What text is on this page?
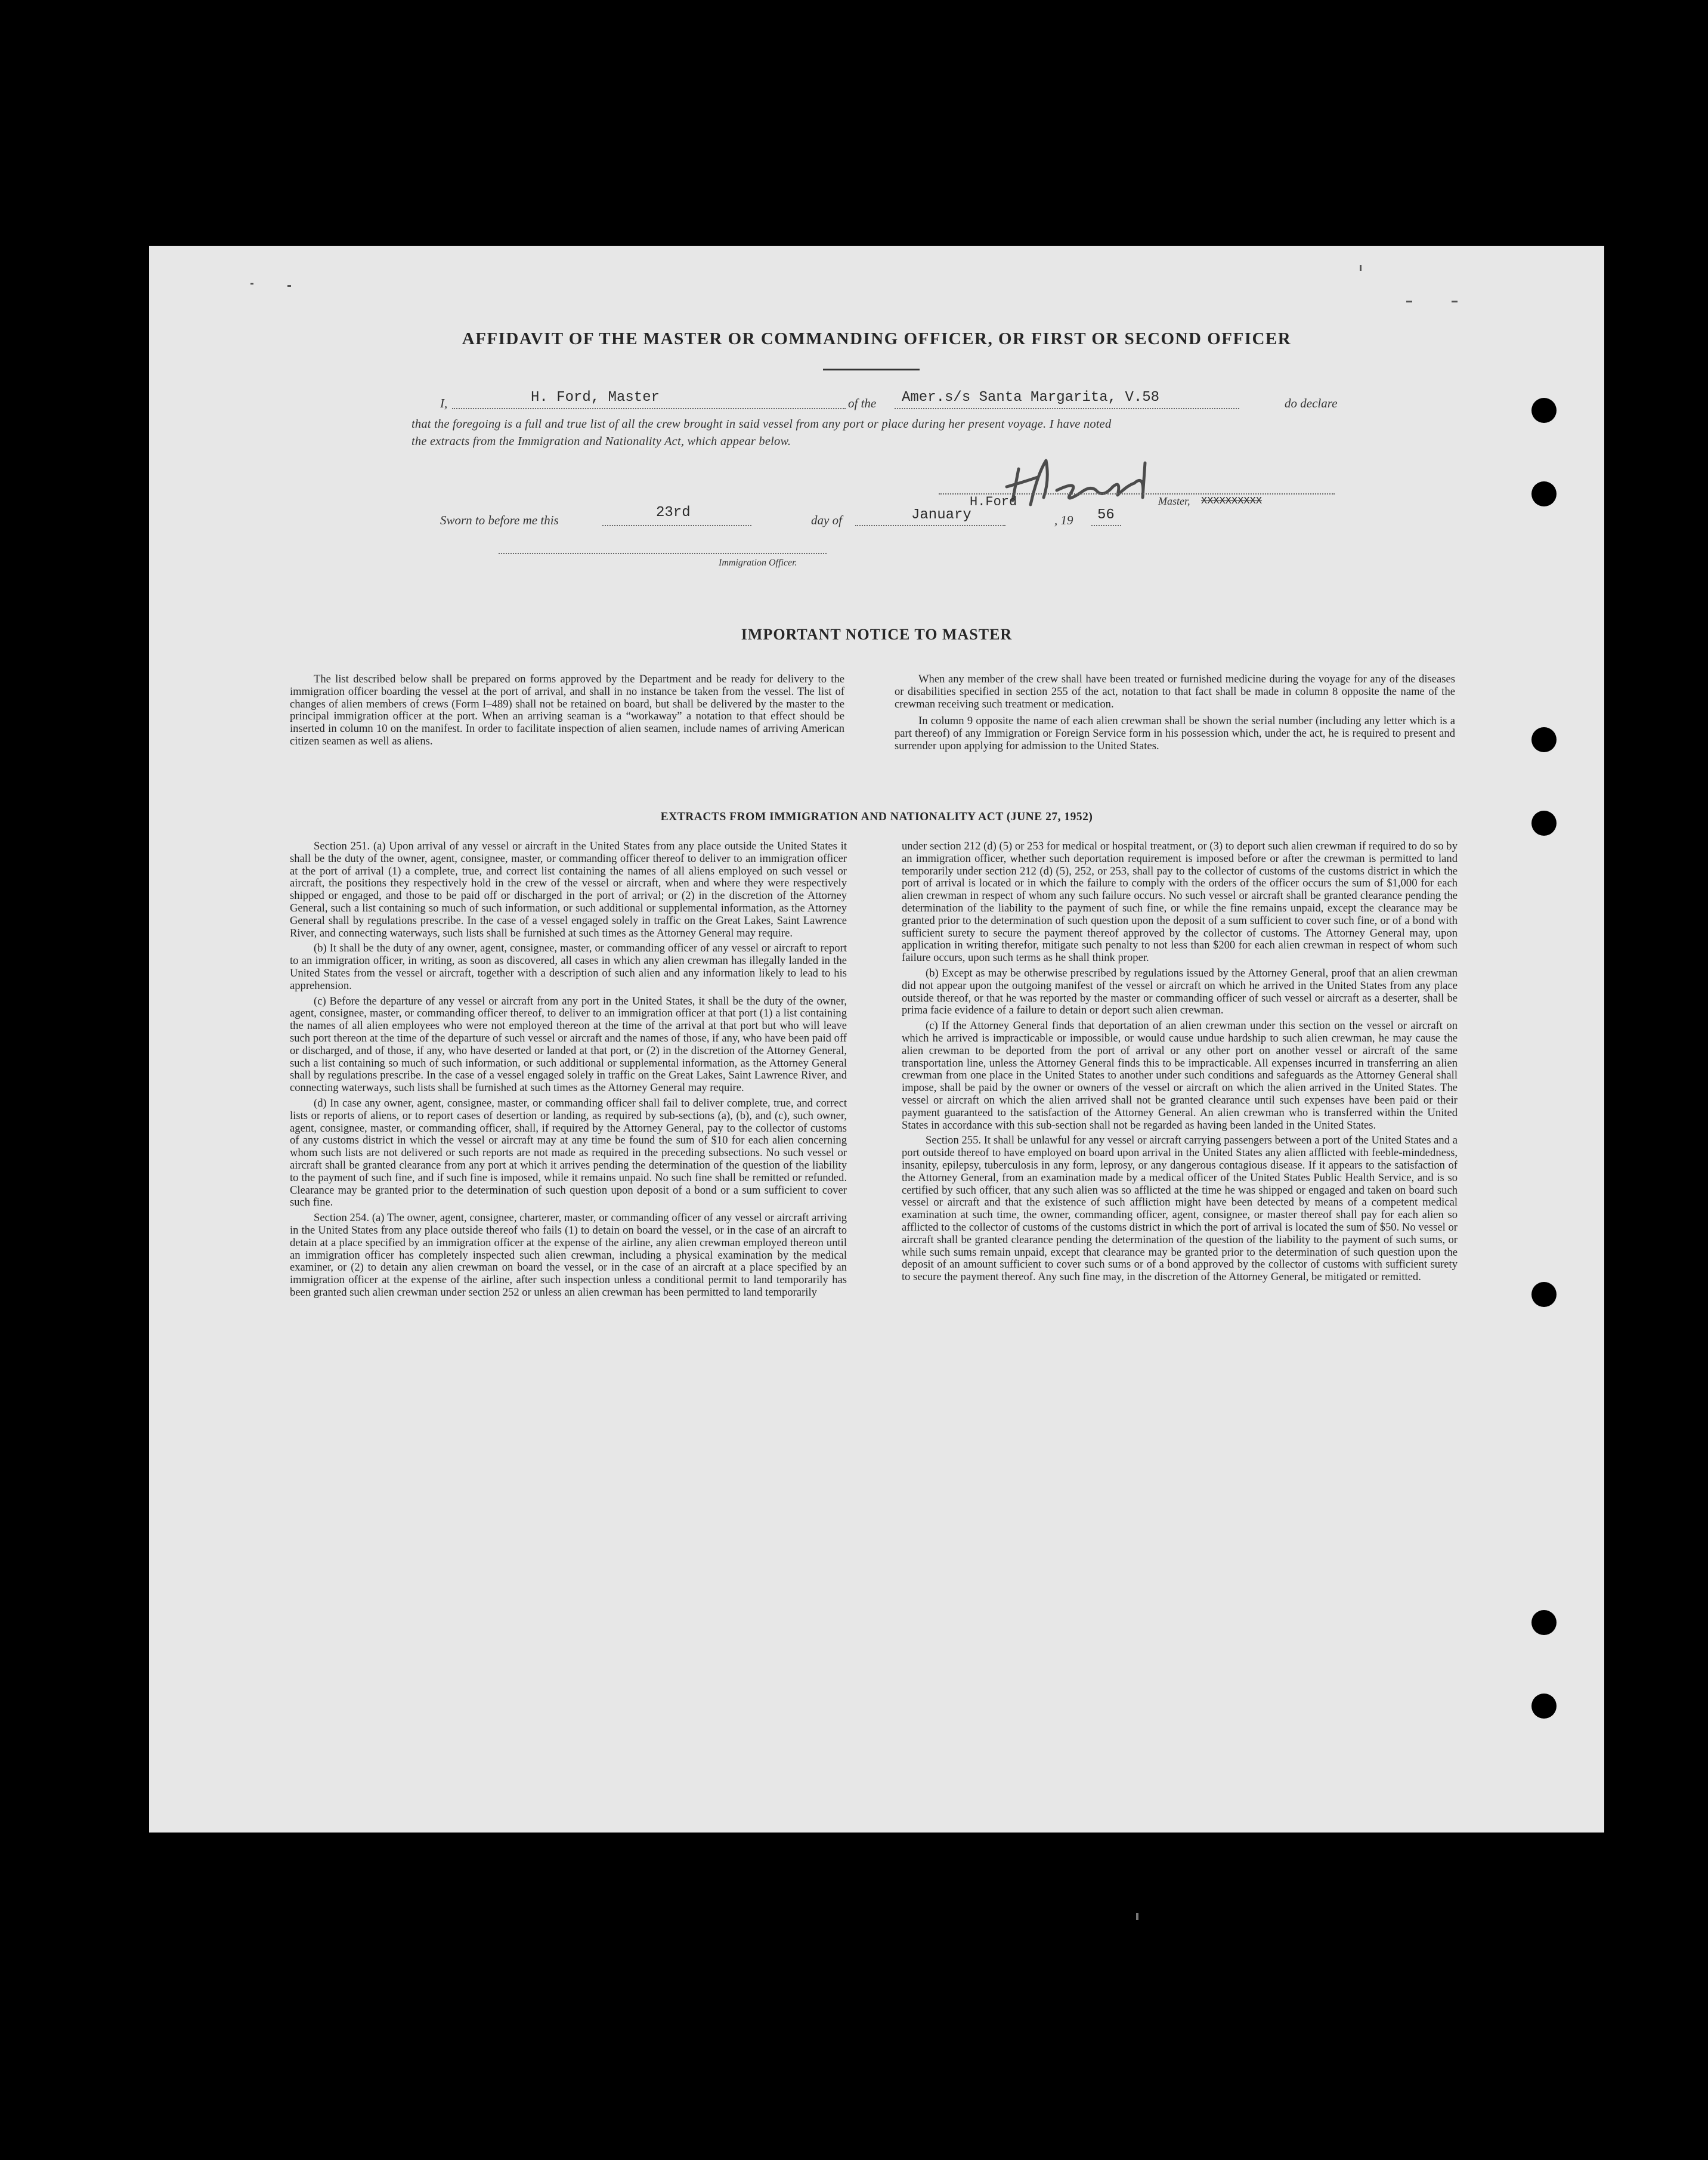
AFFIDAVIT OF THE MASTER OR COMMANDING OFFICER, OR FIRST OR SECOND OFFICER
I,	H. Ford, Master	of the Amer.s/s Santa Margarita, V.58	do declare
that the foregoing is a full and true list of all the crew brought in said vessel from any port or place during her present voyage. I have noted
the extracts from the Immigration and Nationality Act, which appear below.
H.Ford	Master, XXXXXXXXXX
Sworn to before me this	23rd	day of	January	, 19 56
Immigration Officer.
IMPORTANT NOTICE TO MASTER

The list described below shall be prepared on forms approved by the Department and be ready for delivery to the immigration officer boarding the vessel at the port of arrival, and shall in no instance be taken from the vessel. The list of changes of alien members of crews (Form I–489) shall not be retained on board, but shall be delivered by the master to the principal immigration officer at the port. When an arriving seaman is a “workaway” a notation to that effect should be inserted in column 10 on the manifest. In order to facilitate inspection of alien seamen, include names of arriving American citizen seamen as well as aliens.

When any member of the crew shall have been treated or furnished medicine during the voyage for any of the diseases or disabilities specified in section 255 of the act, notation to that fact shall be made in column 8 opposite the name of the crewman receiving such treatment or medication.

In column 9 opposite the name of each alien crewman shall be shown the serial number (including any letter which is a part thereof) of any Immigration or Foreign Service form in his possession which, under the act, he is required to present and surrender upon applying for admission to the United States.

EXTRACTS FROM IMMIGRATION AND NATIONALITY ACT (JUNE 27, 1952)

Section 251. (a) Upon arrival of any vessel or aircraft in the United States from any place outside the United States it shall be the duty of the owner, agent, consignee, master, or commanding officer thereof to deliver to an immigration officer at the port of arrival (1) a complete, true, and correct list containing the names of all aliens employed on such vessel or aircraft, the positions they respectively hold in the crew of the vessel or aircraft, when and where they were respectively shipped or engaged, and those to be paid off or discharged in the port of arrival; or (2) in the discretion of the Attorney General, such a list containing so much of such information, or such additional or supplemental information, as the Attorney General shall by regulations prescribe. In the case of a vessel engaged solely in traffic on the Great Lakes, Saint Lawrence River, and connecting waterways, such lists shall be furnished at such times as the Attorney General may require.

(b) It shall be the duty of any owner, agent, consignee, master, or commanding officer of any vessel or aircraft to report to an immigration officer, in writing, as soon as discovered, all cases in which any alien crewman has illegally landed in the United States from the vessel or aircraft, together with a description of such alien and any information likely to lead to his apprehension.

(c) Before the departure of any vessel or aircraft from any port in the United States, it shall be the duty of the owner, agent, consignee, master, or commanding officer thereof, to deliver to an immigration officer at that port (1) a list containing the names of all alien employees who were not employed thereon at the time of the arrival at that port but who will leave such port thereon at the time of the departure of such vessel or aircraft and the names of those, if any, who have been paid off or discharged, and of those, if any, who have deserted or landed at that port, or (2) in the discretion of the Attorney General, such a list containing so much of such information, or such additional or supplemental information, as the Attorney General shall by regulations prescribe. In the case of a vessel engaged solely in traffic on the Great Lakes, Saint Lawrence River, and connecting waterways, such lists shall be furnished at such times as the Attorney General may require.

(d) In case any owner, agent, consignee, master, or commanding officer shall fail to deliver complete, true, and correct lists or reports of aliens, or to report cases of desertion or landing, as required by sub-sections (a), (b), and (c), such owner, agent, consignee, master, or commanding officer, shall, if required by the Attorney General, pay to the collector of customs of any customs district in which the vessel or aircraft may at any time be found the sum of $10 for each alien concerning whom such lists are not delivered or such reports are not made as required in the preceding subsections. No such vessel or aircraft shall be granted clearance from any port at which it arrives pending the determination of the question of the liability to the payment of such fine, and if such fine is imposed, while it remains unpaid. No such fine shall be remitted or refunded. Clearance may be granted prior to the determination of such question upon deposit of a bond or a sum sufficient to cover such fine.

Section 254. (a) The owner, agent, consignee, charterer, master, or commanding officer of any vessel or aircraft arriving in the United States from any place outside thereof who fails (1) to detain on board the vessel, or in the case of an aircraft to detain at a place specified by an immigration officer at the expense of the airline, any alien crewman employed thereon until an immigration officer has completely inspected such alien crewman, including a physical examination by the medical examiner, or (2) to detain any alien crewman on board the vessel, or in the case of an aircraft at a place specified by an immigration officer at the expense of the airline, after such inspection unless a conditional permit to land temporarily has been granted such alien crewman under section 252 or unless an alien crewman has been permitted to land temporarily

under section 212 (d) (5) or 253 for medical or hospital treatment, or (3) to deport such alien crewman if required to do so by an immigration officer, whether such deportation requirement is imposed before or after the crewman is permitted to land temporarily under section 212 (d) (5), 252, or 253, shall pay to the collector of customs of the customs district in which the port of arrival is located or in which the failure to comply with the orders of the officer occurs the sum of $1,000 for each alien crewman in respect of whom any such failure occurs. No such vessel or aircraft shall be granted clearance pending the determination of the liability to the payment of such fine, or while the fine remains unpaid, except the clearance may be granted prior to the determination of such question upon the deposit of a sum sufficient to cover such fine, or of a bond with sufficient surety to secure the payment thereof approved by the collector of customs. The Attorney General may, upon application in writing therefor, mitigate such penalty to not less than $200 for each alien crewman in respect of whom such failure occurs, upon such terms as he shall think proper.

(b) Except as may be otherwise prescribed by regulations issued by the Attorney General, proof that an alien crewman did not appear upon the outgoing manifest of the vessel or aircraft on which he arrived in the United States from any place outside thereof, or that he was reported by the master or commanding officer of such vessel or aircraft as a deserter, shall be prima facie evidence of a failure to detain or deport such alien crewman.

(c) If the Attorney General finds that deportation of an alien crewman under this section on the vessel or aircraft on which he arrived is impracticable or impossible, or would cause undue hardship to such alien crewman, he may cause the alien crewman to be deported from the port of arrival or any other port on another vessel or aircraft of the same transportation line, unless the Attorney General finds this to be impracticable. All expenses incurred in transferring an alien crewman from one place in the United States to another under such conditions and safeguards as the Attorney General shall impose, shall be paid by the owner or owners of the vessel or aircraft on which the alien arrived in the United States. The vessel or aircraft on which the alien arrived shall not be granted clearance until such expenses have been paid or their payment guaranteed to the satisfaction of the Attorney General. An alien crewman who is transferred within the United States in accordance with this sub-section shall not be regarded as having been landed in the United States.

Section 255. It shall be unlawful for any vessel or aircraft carrying passengers between a port of the United States and a port outside thereof to have employed on board upon arrival in the United States any alien afflicted with feeble-mindedness, insanity, epilepsy, tuberculosis in any form, leprosy, or any dangerous contagious disease. If it appears to the satisfaction of the Attorney General, from an examination made by a medical officer of the United States Public Health Service, and is so certified by such officer, that any such alien was so afflicted at the time he was shipped or engaged and taken on board such vessel or aircraft and that the existence of such affliction might have been detected by means of a competent medical examination at such time, the owner, commanding officer, agent, consignee, or master thereof shall pay for each alien so afflicted to the collector of customs of the customs district in which the port of arrival is located the sum of $50. No vessel or aircraft shall be granted clearance pending the determination of the question of the liability to the payment of such sums, or while such sums remain unpaid, except that clearance may be granted prior to the determination of such question upon the deposit of an amount sufficient to cover such sums or of a bond approved by the collector of customs with sufficient surety to secure the payment thereof. Any such fine may, in the discretion of the Attorney General, be mitigated or remitted.
